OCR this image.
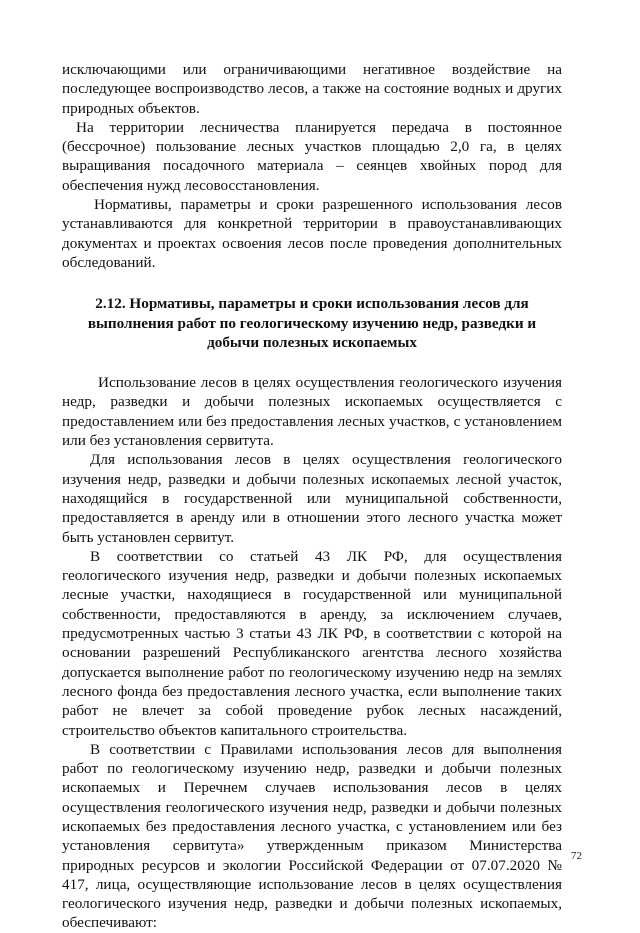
исключающими или ограничивающими негативное воздействие на последующее воспроизводство лесов, а также на состояние водных и других природных объектов.

На территории лесничества планируется передача в постоянное (бессрочное) пользование лесных участков площадью 2,0 га, в целях выращивания посадочного материала – сеянцев хвойных пород для обеспечения нужд лесовосстановления.

Нормативы, параметры и сроки разрешенного использования лесов устанавливаются для конкретной территории в правоустанавливающих документах и проектах освоения лесов после проведения дополнительных обследований.

2.12. Нормативы, параметры и сроки использования лесов для выполнения работ по геологическому изучению недр, разведки и добычи полезных ископаемых

Использование лесов в целях осуществления геологического изучения недр, разведки и добычи полезных ископаемых осуществляется с предоставлением или без предоставления лесных участков, с установлением или без установления сервитута.

Для использования лесов в целях осуществления геологического изучения недр, разведки и добычи полезных ископаемых лесной участок, находящийся в государственной или муниципальной собственности, предоставляется в аренду или в отношении этого лесного участка может быть установлен сервитут.

В соответствии со статьей 43 ЛК РФ, для осуществления геологического изучения недр, разведки и добычи полезных ископаемых лесные участки, находящиеся в государственной или муниципальной собственности, предоставляются в аренду, за исключением случаев, предусмотренных частью 3 статьи 43 ЛК РФ, в соответствии с которой на основании разрешений Республиканского агентства лесного хозяйства допускается выполнение работ по геологическому изучению недр на землях лесного фонда без предоставления лесного участка, если выполнение таких работ не влечет за собой проведение рубок лесных насаждений, строительство объектов капитального строительства.

В соответствии с Правилами использования лесов для выполнения работ по геологическому изучению недр, разведки и добычи полезных ископаемых и Перечнем случаев использования лесов в целях осуществления геологического изучения недр, разведки и добычи полезных ископаемых без предоставления лесного участка, с установлением или без установления сервитута» утвержденным приказом Министерства природных ресурсов и экологии Российской Федерации от 07.07.2020 № 417, лица, осуществляющие использование лесов в целях осуществления геологического изучения недр, разведки и добычи полезных ископаемых, обеспечивают:

72
